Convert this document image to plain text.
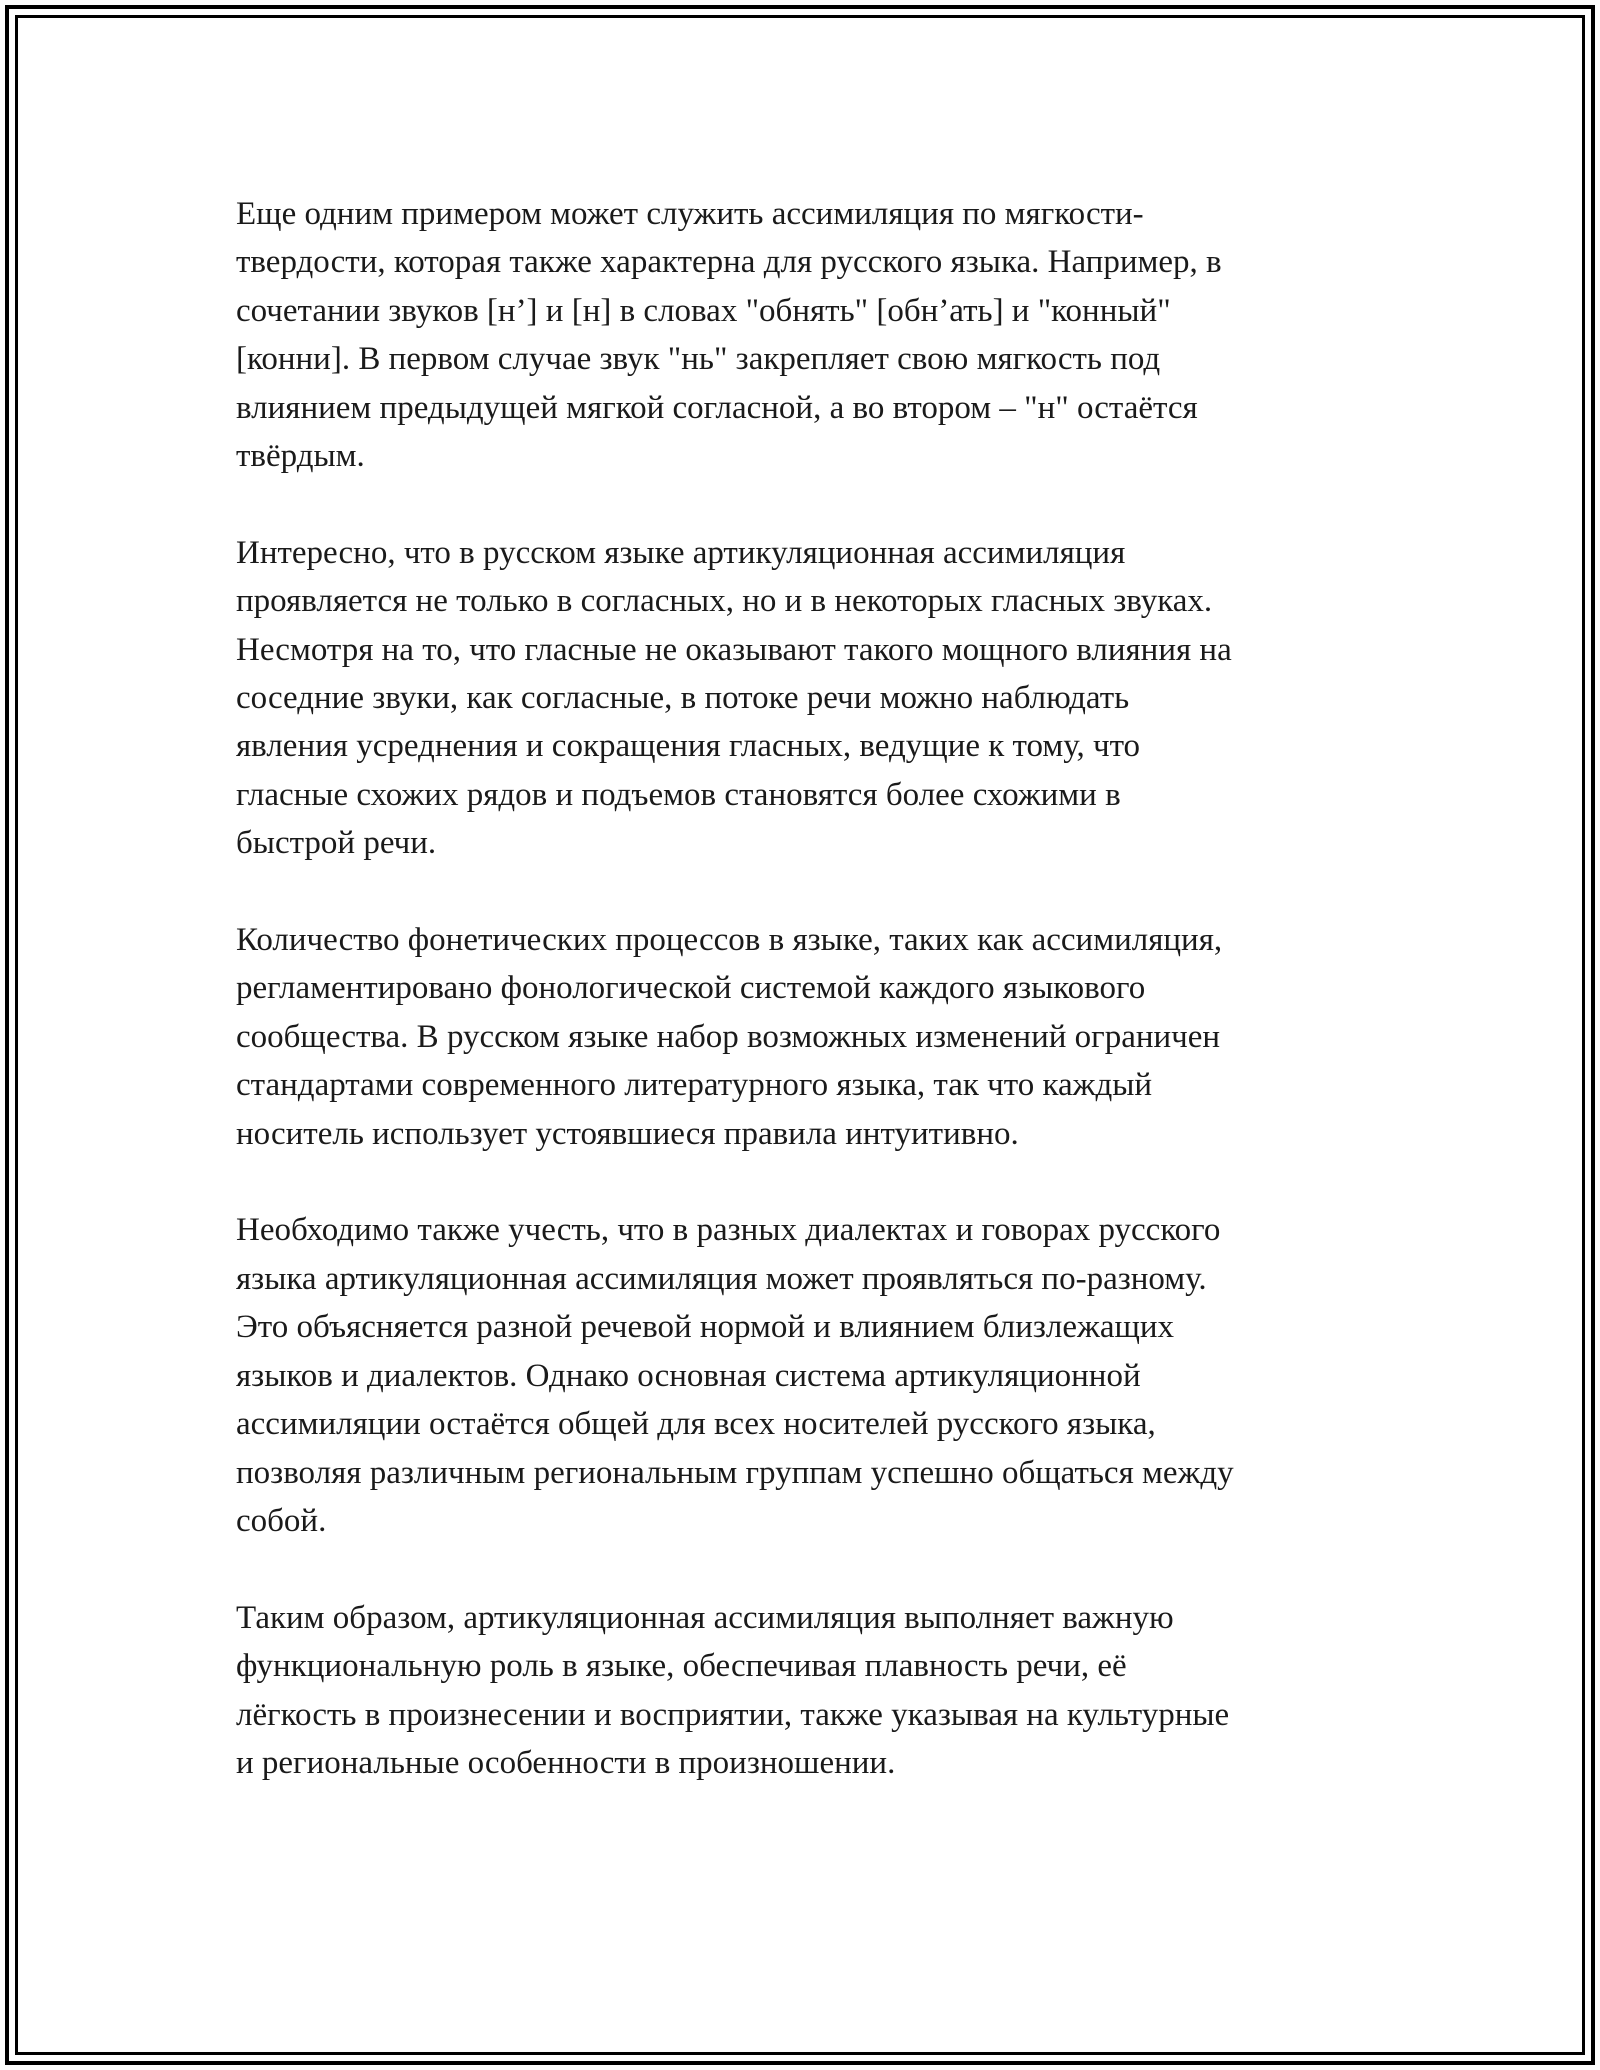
Еще одним примером может служить ассимиляция по мягкости-
твердости, которая также характерна для русского языка. Например, в
сочетании звуков [н’] и [н] в словах "обнять" [обн’ать] и "конный"
[конни]. В первом случае звук "нь" закрепляет свою мягкость под
влиянием предыдущей мягкой согласной, а во втором – "н" остаётся
твёрдым.

Интересно, что в русском языке артикуляционная ассимиляция
проявляется не только в согласных, но и в некоторых гласных звуках.
Несмотря на то, что гласные не оказывают такого мощного влияния на
соседние звуки, как согласные, в потоке речи можно наблюдать
явления усреднения и сокращения гласных, ведущие к тому, что
гласные схожих рядов и подъемов становятся более схожими в
быстрой речи.

Количество фонетических процессов в языке, таких как ассимиляция,
регламентировано фонологической системой каждого языкового
сообщества. В русском языке набор возможных изменений ограничен
стандартами современного литературного языка, так что каждый
носитель использует устоявшиеся правила интуитивно.

Необходимо также учесть, что в разных диалектах и говорах русского
языка артикуляционная ассимиляция может проявляться по-разному.
Это объясняется разной речевой нормой и влиянием близлежащих
языков и диалектов. Однако основная система артикуляционной
ассимиляции остаётся общей для всех носителей русского языка,
позволяя различным региональным группам успешно общаться между
собой.

Таким образом, артикуляционная ассимиляция выполняет важную
функциональную роль в языке, обеспечивая плавность речи, её
лёгкость в произнесении и восприятии, также указывая на культурные
и региональные особенности в произношении.
